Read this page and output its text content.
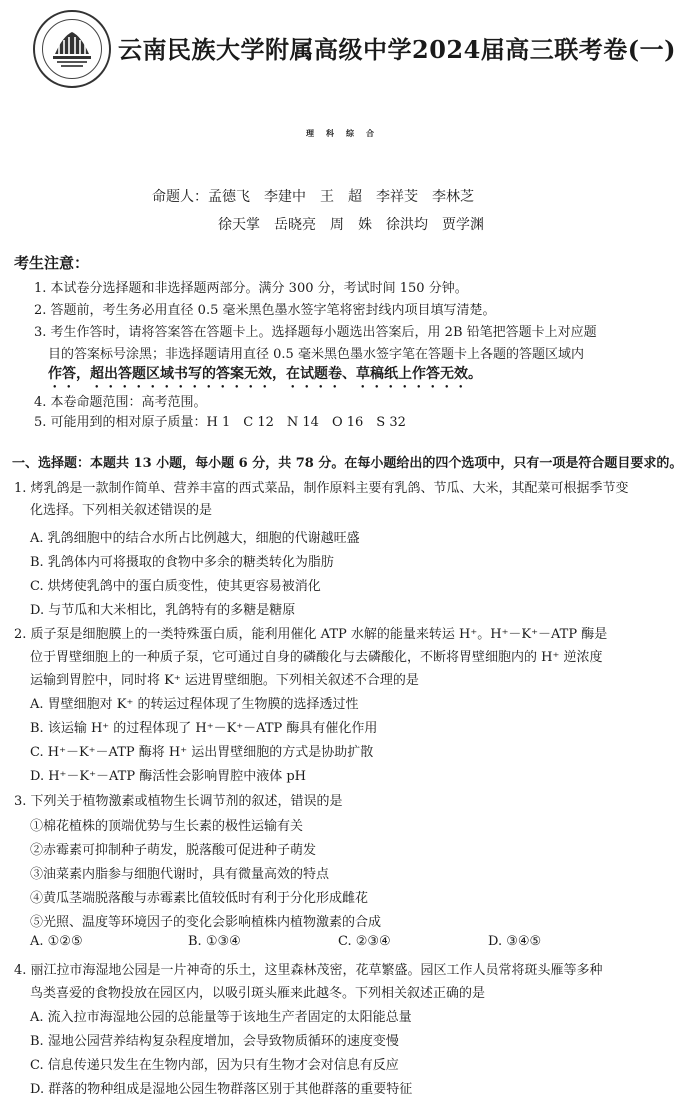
云南民族大学附属高级中学2024届高三联考卷(一)
理科综合
命题人：孟德飞　李建中　王　超　李祥芠　李林芝
徐天掌　岳晓亮　周　姝　徐洪均　贾学渊
考生注意：
1. 本试卷分选择题和非选择题两部分。满分 300 分，考试时间 150 分钟。
2. 答题前，考生务必用直径 0.5 毫米黑色墨水签字笔将密封线内项目填写清楚。
3. 考生作答时，请将答案答在答题卡上。选择题每小题选出答案后，用 2B 铅笔把答题卡上对应题
目的答案标号涂黑；非选择题请用直径 0.5 毫米黑色墨水签字笔在答题卡上各题的答题区域内
作答，超出答题区域书写的答案无效，在试题卷、草稿纸上作答无效。
4. 本卷命题范围：高考范围。
5. 可能用到的相对原子质量：H 1　C 12　N 14　O 16　S 32
一、选择题：本题共 13 小题，每小题 6 分，共 78 分。在每小题给出的四个选项中，只有一项是符合题目要求的。
1. 烤乳鸽是一款制作简单、营养丰富的西式菜品，制作原料主要有乳鸽、节瓜、大米，其配菜可根据季节变
化选择。下列相关叙述错误的是
A. 乳鸽细胞中的结合水所占比例越大，细胞的代谢越旺盛
B. 乳鸽体内可将摄取的食物中多余的糖类转化为脂肪
C. 烘烤使乳鸽中的蛋白质变性，使其更容易被消化
D. 与节瓜和大米相比，乳鸽特有的多糖是糖原
2. 质子泵是细胞膜上的一类特殊蛋白质，能利用催化 ATP 水解的能量来转运 H⁺。H⁺－K⁺－ATP 酶是
位于胃壁细胞上的一种质子泵，它可通过自身的磷酸化与去磷酸化，不断将胃壁细胞内的 H⁺ 逆浓度
运输到胃腔中，同时将 K⁺ 运进胃壁细胞。下列相关叙述不合理的是
A. 胃壁细胞对 K⁺ 的转运过程体现了生物膜的选择透过性
B. 该运输 H⁺ 的过程体现了 H⁺－K⁺－ATP 酶具有催化作用
C. H⁺－K⁺－ATP 酶将 H⁺ 运出胃壁细胞的方式是协助扩散
D. H⁺－K⁺－ATP 酶活性会影响胃腔中液体 pH
3. 下列关于植物激素或植物生长调节剂的叙述，错误的是
①棉花植株的顶端优势与生长素的极性运输有关
②赤霉素可抑制种子萌发，脱落酸可促进种子萌发
③油菜素内脂参与细胞代谢时，具有微量高效的特点
④黄瓜茎端脱落酸与赤霉素比值较低时有利于分化形成雌花
⑤光照、温度等环境因子的变化会影响植株内植物激素的合成
A. ①②⑤	B. ①③④	C. ②③④	D. ③④⑤
4. 丽江拉市海湿地公园是一片神奇的乐土，这里森林茂密，花草繁盛。园区工作人员常将斑头雁等多种
鸟类喜爱的食物投放在园区内，以吸引斑头雁来此越冬。下列相关叙述正确的是
A. 流入拉市海湿地公园的总能量等于该地生产者固定的太阳能总量
B. 湿地公园营养结构复杂程度增加，会导致物质循环的速度变慢
C. 信息传递只发生在生物内部，因为只有生物才会对信息有反应
D. 群落的物种组成是湿地公园生物群落区别于其他群落的重要特征
